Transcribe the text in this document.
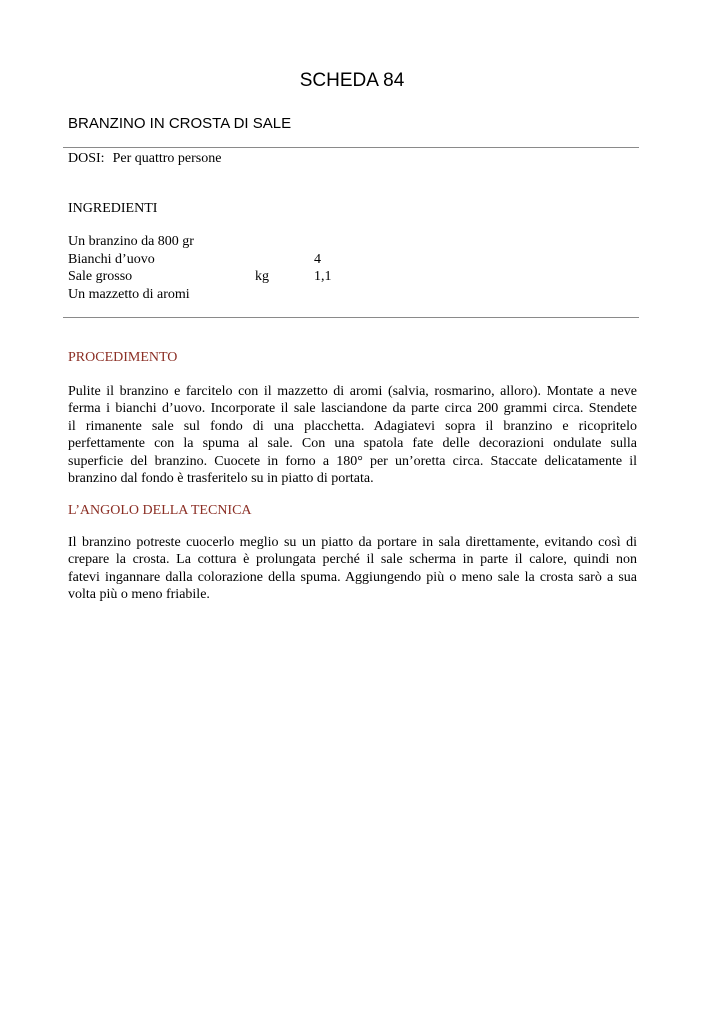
SCHEDA 84
BRANZINO IN CROSTA DI SALE
DOSI: Per quattro persone
INGREDIENTI
Un branzino da 800 gr
Bianchi d’uovo	4
Sale grosso	kg	1,1
Un mazzetto di aromi
PROCEDIMENTO
Pulite il branzino e farcitelo con il mazzetto di aromi (salvia, rosmarino, alloro). Montate a neve
ferma i bianchi d’uovo. Incorporate il sale lasciandone da parte circa 200 grammi circa. Stendete
il rimanente sale sul fondo di una placchetta. Adagiatevi sopra il branzino e ricopritelo
perfettamente con la spuma al sale. Con una spatola fate delle decorazioni ondulate sulla
superficie del branzino. Cuocete in forno a 180° per un’oretta circa. Staccate delicatamente il
branzino dal fondo è trasferitelo su in piatto di portata.
L’ANGOLO DELLA TECNICA
Il branzino potreste cuocerlo meglio su un piatto da portare in sala direttamente, evitando così di
crepare la crosta. La cottura è prolungata perché il sale scherma in parte il calore, quindi non
fatevi ingannare dalla colorazione della spuma. Aggiungendo più o meno sale la crosta sarò a sua
volta più o meno friabile.
